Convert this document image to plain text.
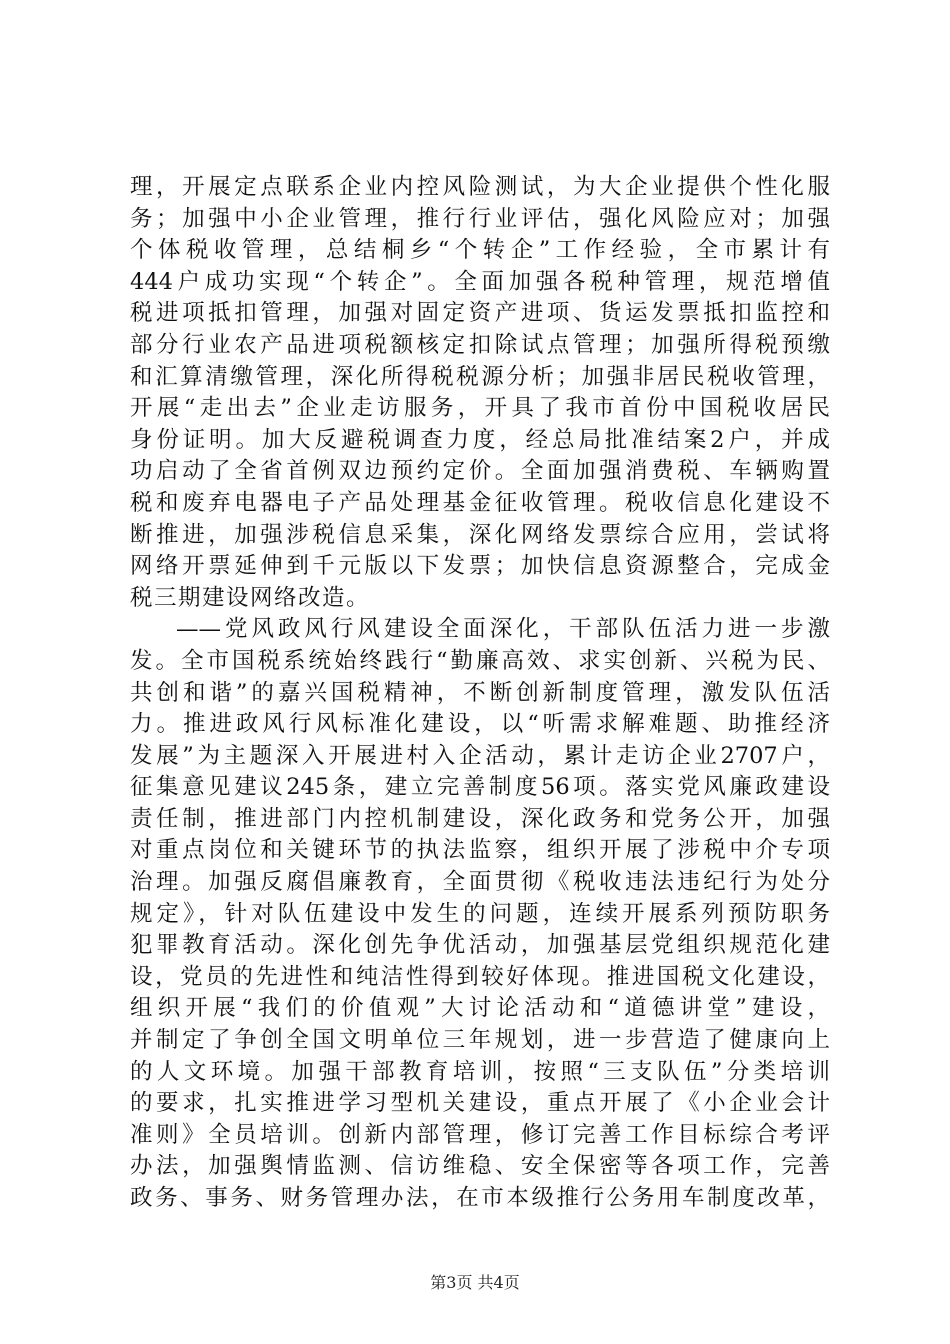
理，开展定点联系企业内控风险测试，为大企业提供个性化服
务；加强中小企业管理，推行行业评估，强化风险应对；加强
个体税收管理，总结桐乡“个转企”工作经验，全市累计有
444户成功实现“个转企”。全面加强各税种管理，规范增值
税进项抵扣管理，加强对固定资产进项、货运发票抵扣监控和
部分行业农产品进项税额核定扣除试点管理；加强所得税预缴
和汇算清缴管理，深化所得税税源分析；加强非居民税收管理，
开展“走出去”企业走访服务，开具了我市首份中国税收居民
身份证明。加大反避税调查力度，经总局批准结案2户，并成
功启动了全省首例双边预约定价。全面加强消费税、车辆购置
税和废弃电器电子产品处理基金征收管理。税收信息化建设不
断推进，加强涉税信息采集，深化网络发票综合应用，尝试将
网络开票延伸到千元版以下发票；加快信息资源整合，完成金
税三期建设网络改造。
——党风政风行风建设全面深化，干部队伍活力进一步激
发。全市国税系统始终践行“勤廉高效、求实创新、兴税为民、
共创和谐”的嘉兴国税精神，不断创新制度管理，激发队伍活
力。推进政风行风标准化建设，以“听需求解难题、助推经济
发展”为主题深入开展进村入企活动，累计走访企业2707户，
征集意见建议245条，建立完善制度56项。落实党风廉政建设
责任制，推进部门内控机制建设，深化政务和党务公开，加强
对重点岗位和关键环节的执法监察，组织开展了涉税中介专项
治理。加强反腐倡廉教育，全面贯彻《税收违法违纪行为处分
规定》，针对队伍建设中发生的问题，连续开展系列预防职务
犯罪教育活动。深化创先争优活动，加强基层党组织规范化建
设，党员的先进性和纯洁性得到较好体现。推进国税文化建设，
组织开展“我们的价值观”大讨论活动和“道德讲堂”建设，
并制定了争创全国文明单位三年规划，进一步营造了健康向上
的人文环境。加强干部教育培训，按照“三支队伍”分类培训
的要求，扎实推进学习型机关建设，重点开展了《小企业会计
准则》全员培训。创新内部管理，修订完善工作目标综合考评
办法，加强舆情监测、信访维稳、安全保密等各项工作，完善
政务、事务、财务管理办法，在市本级推行公务用车制度改革，
第3页 共4页
